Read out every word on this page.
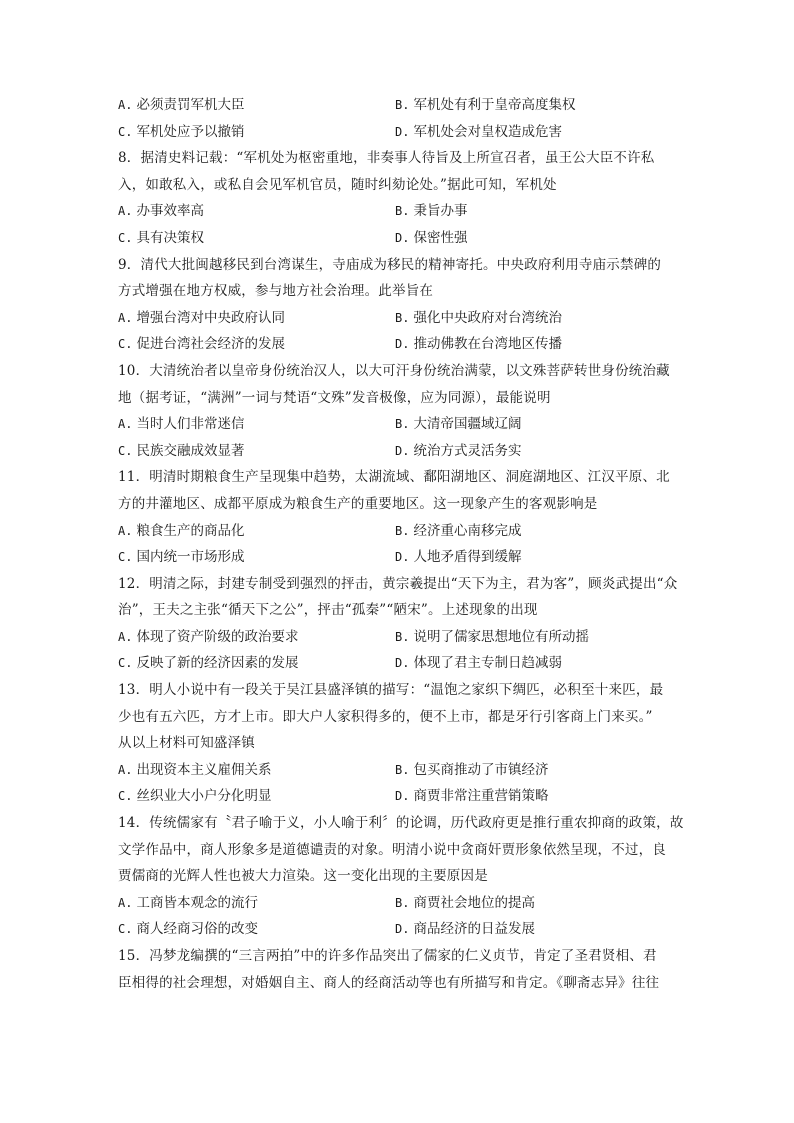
A. 必须责罚军机大臣	B. 军机处有利于皇帝高度集权
C. 军机处应予以撤销	D. 军机处会对皇权造成危害
8．据清史料记载：“军机处为枢密重地，非奏事人待旨及上所宣召者，虽王公大臣不许私
入，如敢私入，或私自会见军机官员，随时纠劾论处。”据此可知，军机处
A. 办事效率高	B. 秉旨办事
C. 具有决策权	D. 保密性强
9．清代大批闽越移民到台湾谋生，寺庙成为移民的精神寄托。中央政府利用寺庙示禁碑的
方式增强在地方权威，参与地方社会治理。此举旨在
A. 增强台湾对中央政府认同	B. 强化中央政府对台湾统治
C. 促进台湾社会经济的发展	D. 推动佛教在台湾地区传播
10．大清统治者以皇帝身份统治汉人，以大可汗身份统治满蒙，以文殊菩萨转世身份统治藏
地（据考证，“满洲”一词与梵语“文殊”发音极像，应为同源），最能说明
A. 当时人们非常迷信	B. 大清帝国疆域辽阔
C. 民族交融成效显著	D. 统治方式灵活务实
11．明清时期粮食生产呈现集中趋势，太湖流域、鄱阳湖地区、洞庭湖地区、江汉平原、北
方的井灌地区、成都平原成为粮食生产的重要地区。这一现象产生的客观影响是
A. 粮食生产的商品化	B. 经济重心南移完成
C. 国内统一市场形成	D. 人地矛盾得到缓解
12．明清之际，封建专制受到强烈的抨击，黄宗羲提出“天下为主，君为客”，顾炎武提出“众
治”，王夫之主张“循天下之公”，抨击“孤秦”“陋宋”。上述现象的出现
A. 体现了资产阶级的政治要求	B. 说明了儒家思想地位有所动摇
C. 反映了新的经济因素的发展	D. 体现了君主专制日趋减弱
13．明人小说中有一段关于吴江县盛泽镇的描写：“温饱之家织下绸匹，必积至十来匹，最
少也有五六匹，方才上市。即大户人家积得多的，便不上市，都是牙行引客商上门来买。”
从以上材料可知盛泽镇
A. 出现资本主义雇佣关系	B. 包买商推动了市镇经济
C. 丝织业大小户分化明显	D. 商贾非常注重营销策略
14．传统儒家有〝君子喻于义，小人喻于利〞的论调，历代政府更是推行重农抑商的政策，故
文学作品中，商人形象多是道德谴责的对象。明清小说中贪商奸贾形象依然呈现，不过，良
贾儒商的光辉人性也被大力渲染。这一变化出现的主要原因是
A. 工商皆本观念的流行	B. 商贾社会地位的提高
C. 商人经商习俗的改变	D. 商品经济的日益发展
15．冯梦龙编撰的“三言两拍”中的许多作品突出了儒家的仁义贞节，肯定了圣君贤相、君
臣相得的社会理想，对婚姻自主、商人的经商活动等也有所描写和肯定。《聊斋志异》往往
